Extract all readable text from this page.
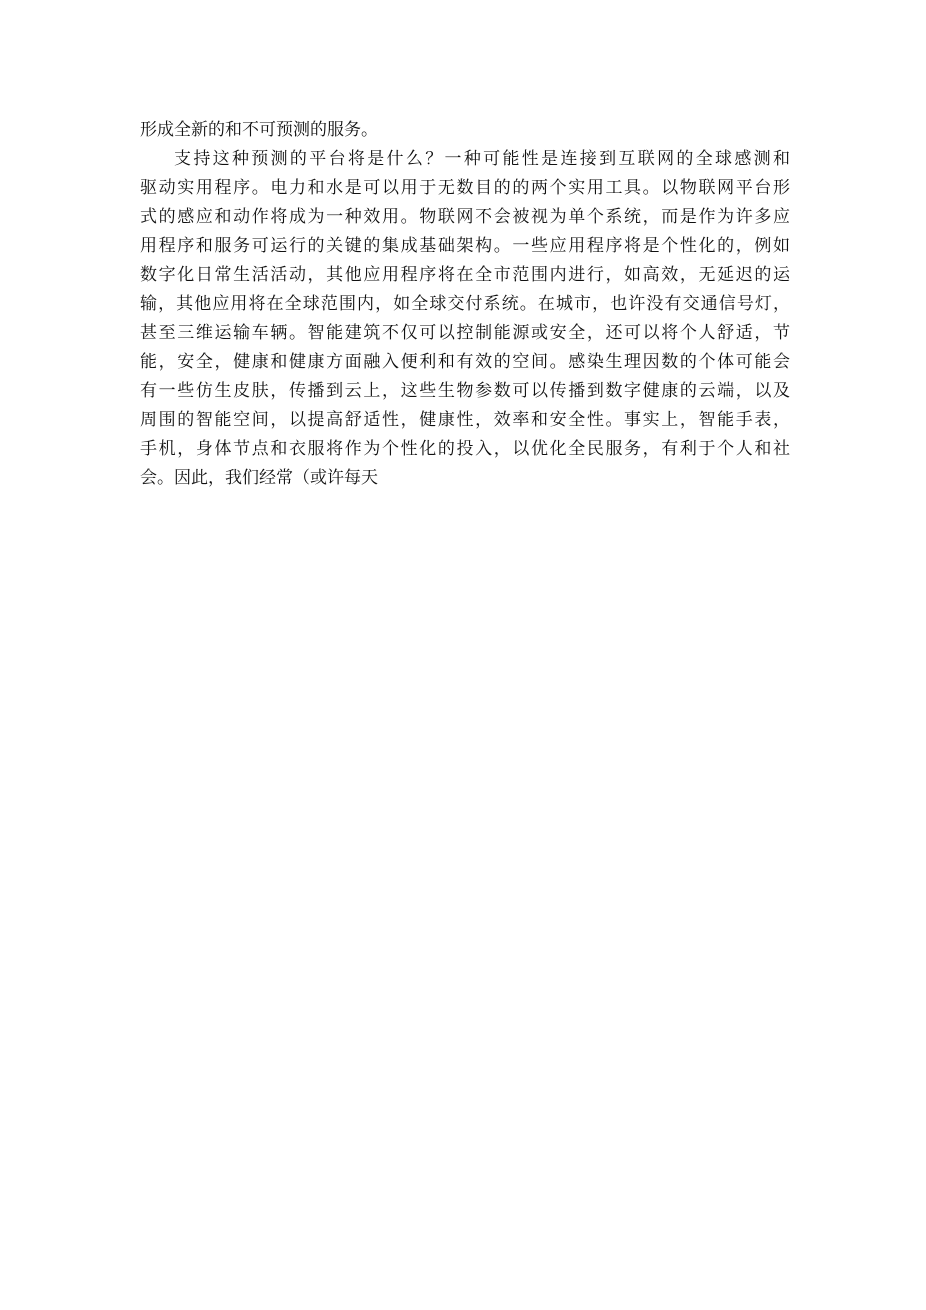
形成全新的和不可预测的服务。
支持这种预测的平台将是什么？一种可能性是连接到互联网的全球感测和
驱动实用程序。电力和水是可以用于无数目的的两个实用工具。以物联网平台形
式的感应和动作将成为一种效用。物联网不会被视为单个系统，而是作为许多应
用程序和服务可运行的关键的集成基础架构。一些应用程序将是个性化的，例如
数字化日常生活活动，其他应用程序将在全市范围内进行，如高效，无延迟的运
输，其他应用将在全球范围内，如全球交付系统。在城市，也许没有交通信号灯，
甚至三维运输车辆。智能建筑不仅可以控制能源或安全，还可以将个人舒适，节
能，安全，健康和健康方面融入便利和有效的空间。感染生理因数的个体可能会
有一些仿生皮肤，传播到云上，这些生物参数可以传播到数字健康的云端，以及
周围的智能空间，以提高舒适性，健康性，效率和安全性。事实上，智能手表，
手机，身体节点和衣服将作为个性化的投入，以优化全民服务，有利于个人和社
会。因此，我们经常（或许每天
